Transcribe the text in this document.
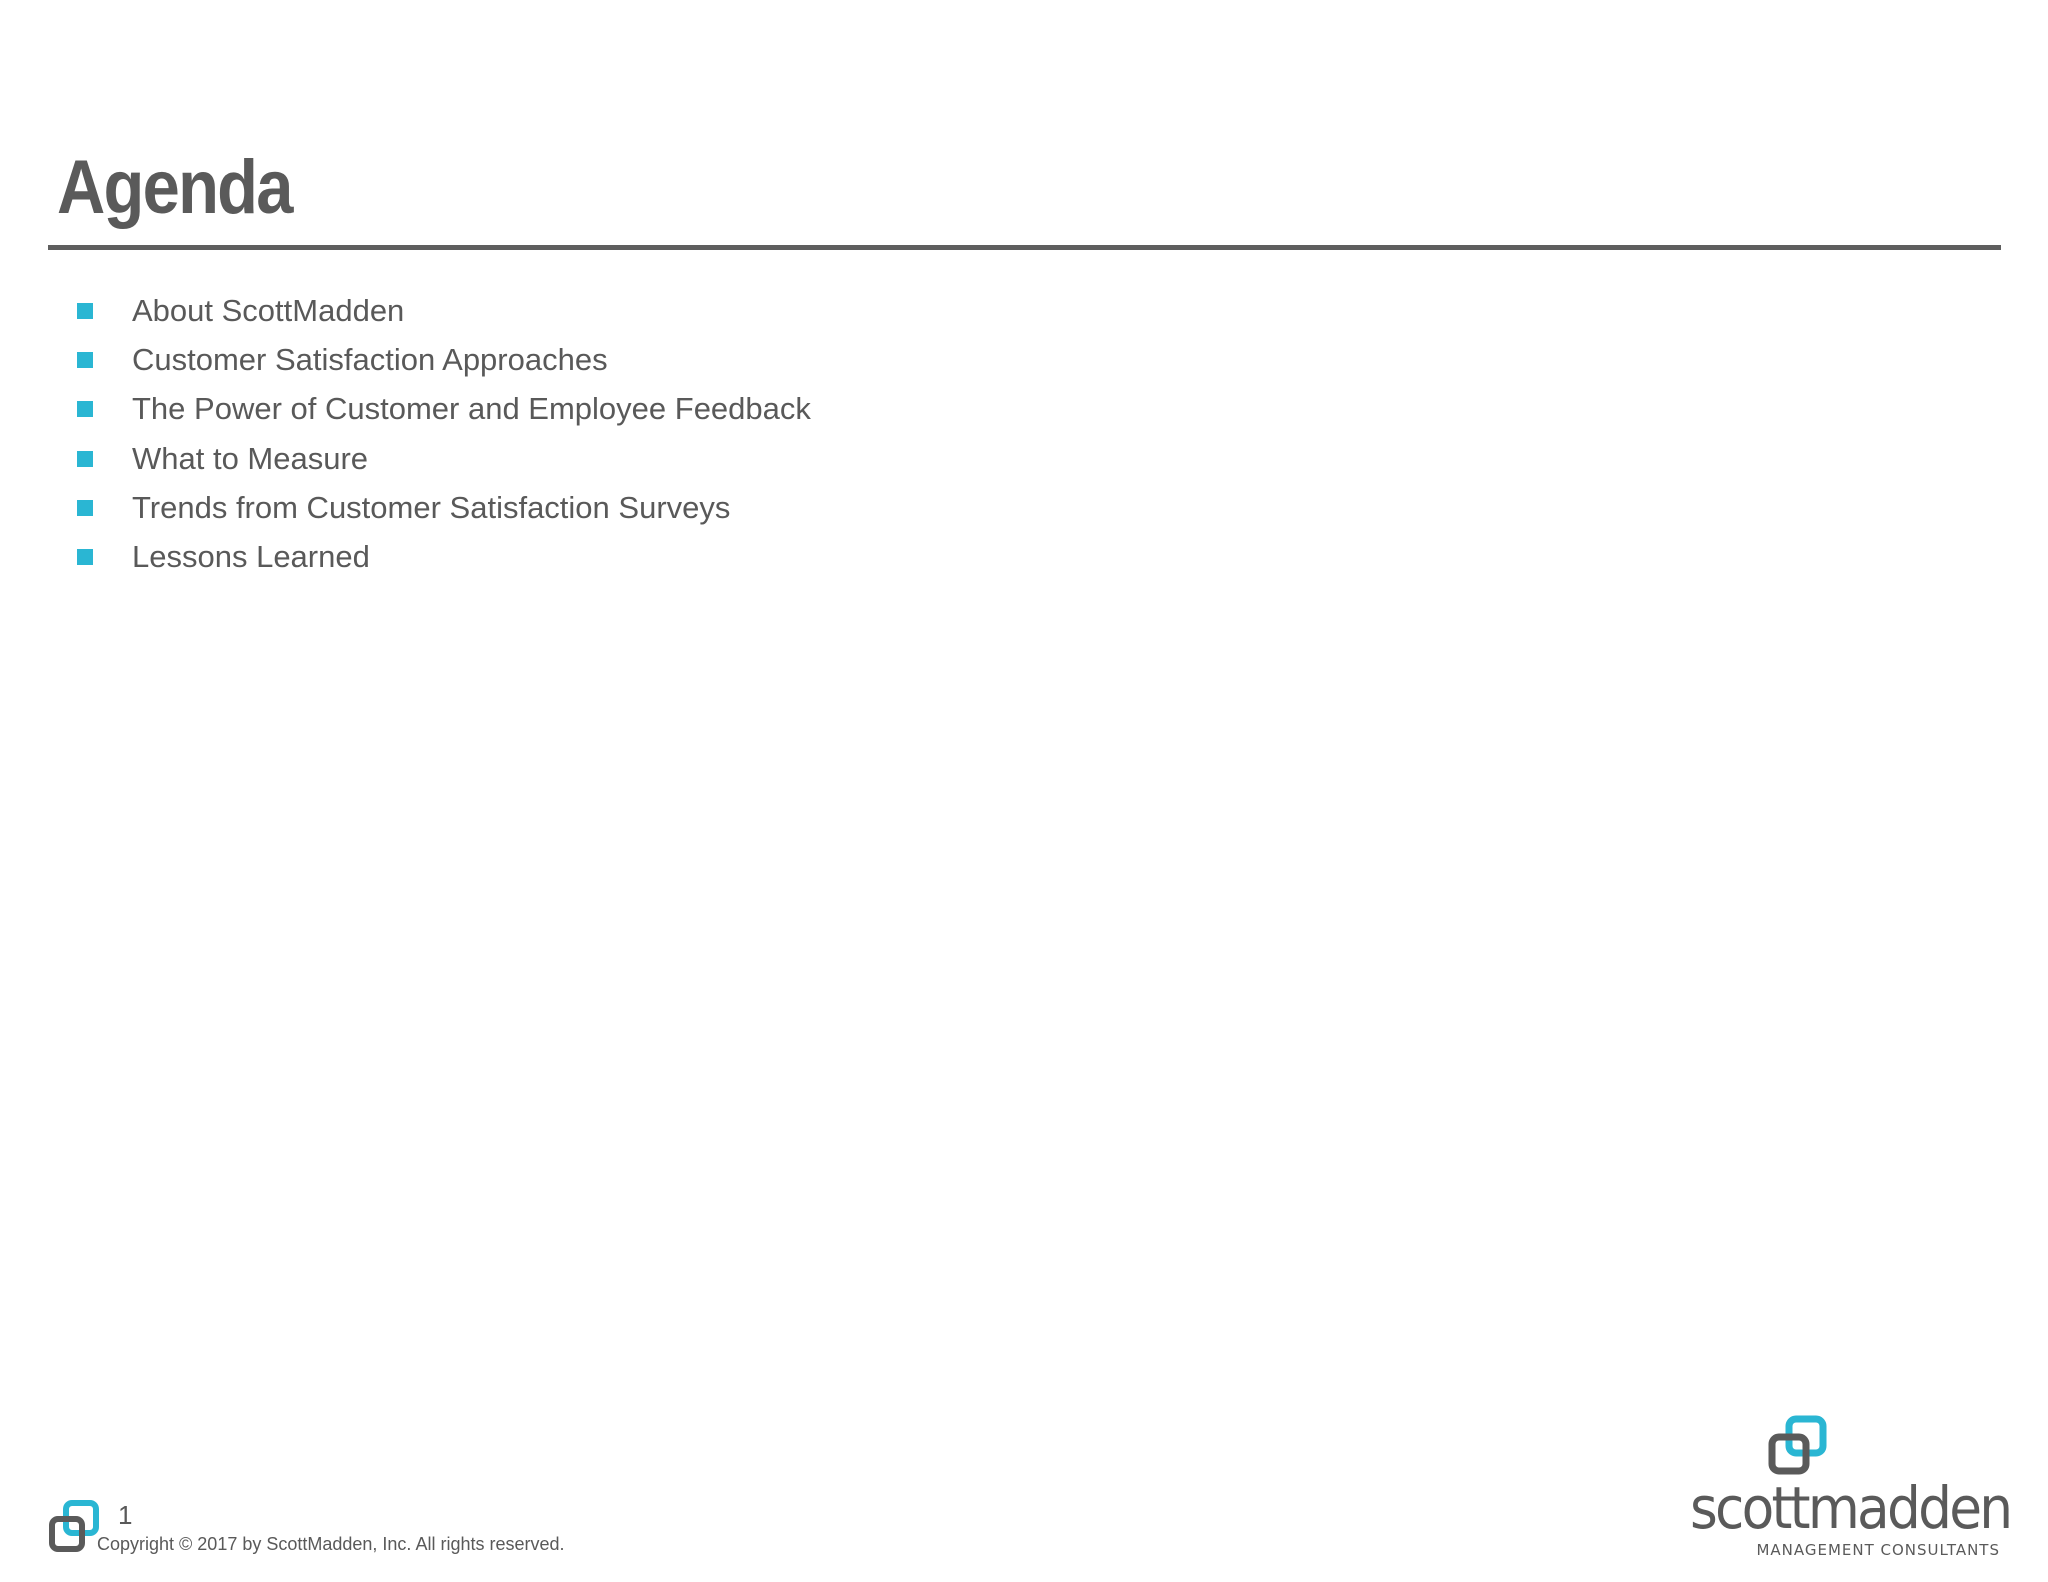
Agenda
About ScottMadden
Customer Satisfaction Approaches
The Power of Customer and Employee Feedback
What to Measure
Trends from Customer Satisfaction Surveys
Lessons Learned
1
Copyright © 2017 by ScottMadden, Inc. All rights reserved.
scottmadden
MANAGEMENT CONSULTANTS
